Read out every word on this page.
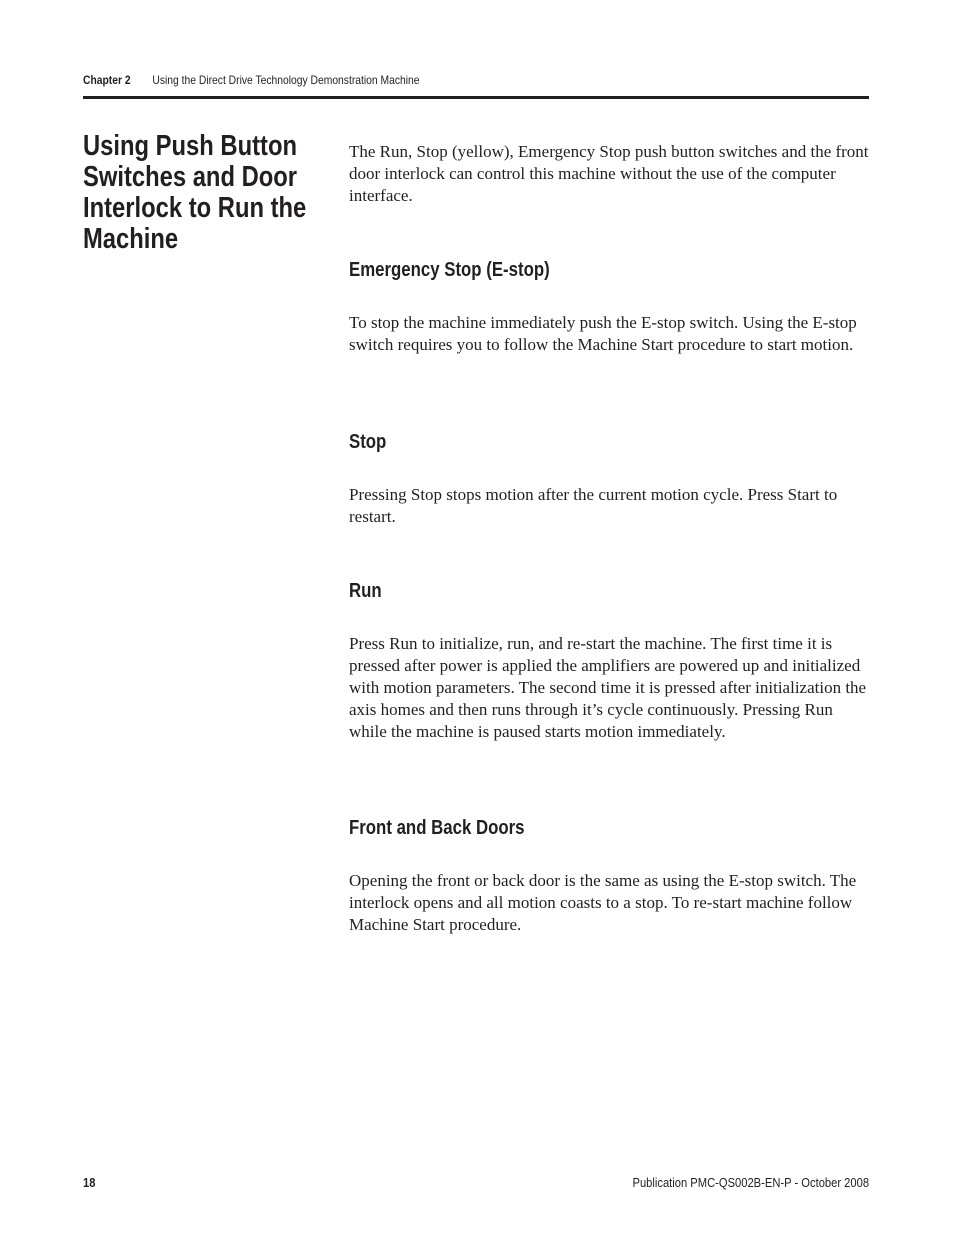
Chapter 2 Using the Direct Drive Technology Demonstration Machine
Using Push Button Switches and Door Interlock to Run the Machine

The Run, Stop (yellow), Emergency Stop push button switches and the front door interlock can control this machine without the use of the computer interface.

Emergency Stop (E-stop)

To stop the machine immediately push the E-stop switch. Using the E-stop switch requires you to follow the Machine Start procedure to start motion.

Stop

Pressing Stop stops motion after the current motion cycle. Press Start to restart.

Run

Press Run to initialize, run, and re-start the machine. The first time it is pressed after power is applied the amplifiers are powered up and initialized with motion parameters. The second time it is pressed after initialization the axis homes and then runs through it’s cycle continuously. Pressing Run while the machine is paused starts motion immediately.

Front and Back Doors

Opening the front or back door is the same as using the E-stop switch. The interlock opens and all motion coasts to a stop. To re-start machine follow Machine Start procedure.

18	Publication PMC-QS002B-EN-P - October 2008
